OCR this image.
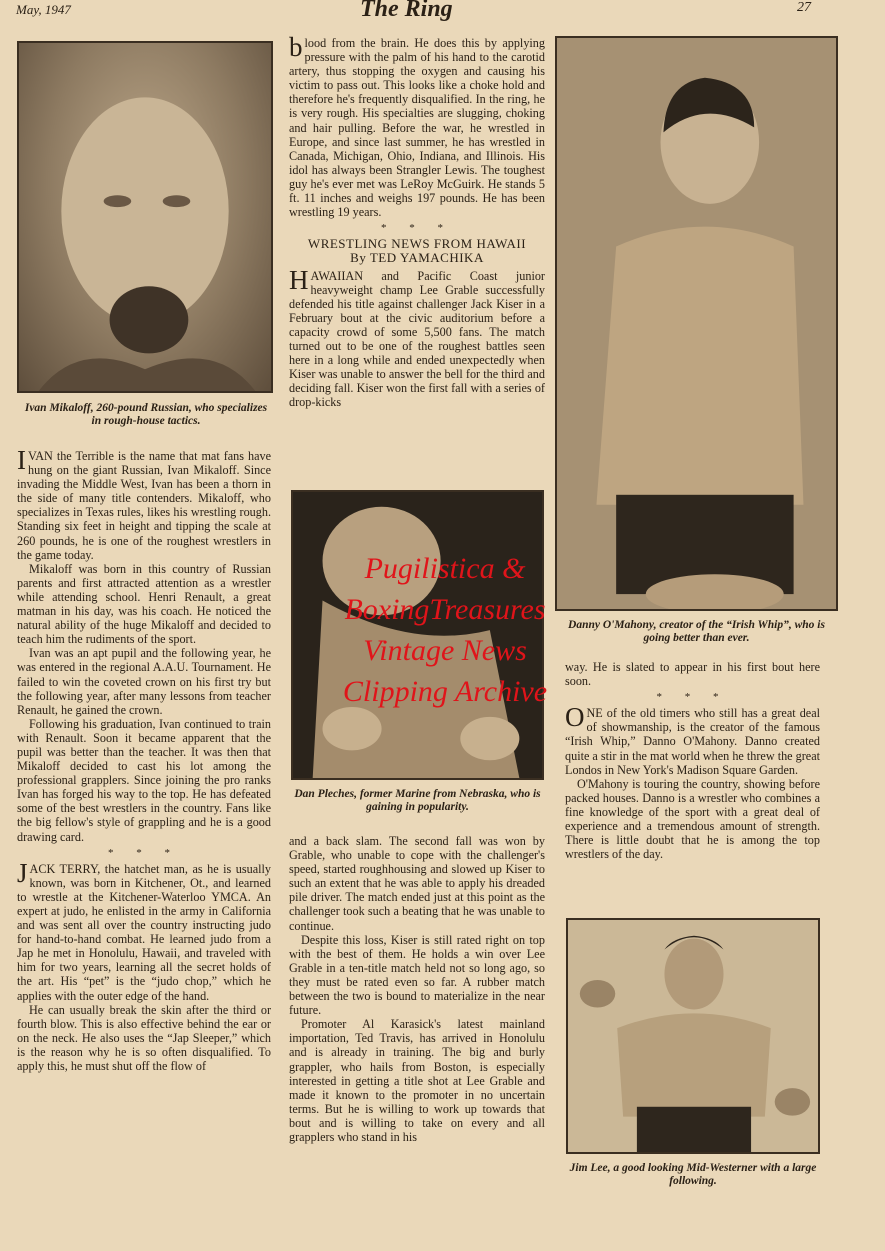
May, 1947	The Ring	27
Ivan Mikaloff, 260-pound Russian, who specializes in rough-house tactics.

IVAN the Terrible is the name that mat fans have hung on the giant Russian, Ivan Mikaloff. Since invading the Middle West, Ivan has been a thorn in the side of many title contenders. Mikaloff, who specializes in Texas rules, likes his wrestling rough. Standing six feet in height and tipping the scale at 260 pounds, he is one of the roughest wrestlers in the game today.

Mikaloff was born in this country of Russian parents and first attracted attention as a wrestler while attending school. Henri Renault, a great matman in his day, was his coach. He noticed the natural ability of the huge Mikaloff and decided to teach him the rudiments of the sport.

Ivan was an apt pupil and the following year, he was entered in the regional A.A.U. Tournament. He failed to win the coveted crown on his first try but the following year, after many lessons from teacher Renault, he gained the crown.

Following his graduation, Ivan continued to train with Renault. Soon it became apparent that the pupil was better than the teacher. It was then that Mikaloff decided to cast his lot among the professional grapplers. Since joining the pro ranks Ivan has forged his way to the top. He has defeated some of the best wrestlers in the country. Fans like the big fellow's style of grappling and he is a good drawing card.

* * *

JACK TERRY, the hatchet man, as he is usually known, was born in Kitchener, Ot., and learned to wrestle at the Kitchener-Waterloo YMCA. An expert at judo, he enlisted in the army in California and was sent all over the country instructing judo for hand-to-hand combat. He learned judo from a Jap he met in Honolulu, Hawaii, and traveled with him for two years, learning all the secret holds of the art. His “pet” is the “judo chop,” which he applies with the outer edge of the hand.

He can usually break the skin after the third or fourth blow. This is also effective behind the ear or on the neck. He also uses the “Jap Sleeper,” which is the reason why he is so often disqualified. To apply this, he must shut off the flow of

blood from the brain. He does this by applying pressure with the palm of his hand to the carotid artery, thus stopping the oxygen and causing his victim to pass out. This looks like a choke hold and therefore he's frequently disqualified. In the ring, he is very rough. His specialties are slugging, choking and hair pulling. Before the war, he wrestled in Europe, and since last summer, he has wrestled in Canada, Michigan, Ohio, Indiana, and Illinois. His idol has always been Strangler Lewis. The toughest guy he's ever met was LeRoy McGuirk. He stands 5 ft. 11 inches and weighs 197 pounds. He has been wrestling 19 years.

* * *
WRESTLING NEWS FROM HAWAII
By TED YAMACHIKA

HAWAIIAN and Pacific Coast junior heavyweight champ Lee Grable successfully defended his title against challenger Jack Kiser in a February bout at the civic auditorium before a capacity crowd of some 5,500 fans. The match turned out to be one of the roughest battles seen here in a long while and ended unexpectedly when Kiser was unable to answer the bell for the third and deciding fall. Kiser won the first fall with a series of drop-kicks

Dan Pleches, former Marine from Nebraska, who is gaining in popularity.

and a back slam. The second fall was won by Grable, who unable to cope with the challenger's speed, started roughhousing and slowed up Kiser to such an extent that he was able to apply his dreaded pile driver. The match ended just at this point as the challenger took such a beating that he was unable to continue.

Despite this loss, Kiser is still rated right on top with the best of them. He holds a win over Lee Grable in a ten-title match held not so long ago, so they must be rated even so far. A rubber match between the two is bound to materialize in the near future.

Promoter Al Karasick's latest mainland importation, Ted Travis, has arrived in Honolulu and is already in training. The big and burly grappler, who hails from Boston, is especially interested in getting a title shot at Lee Grable and made it known to the promoter in no uncertain terms. But he is willing to work up towards that bout and is willing to take on every and all grapplers who stand in his

Danny O'Mahony, creator of the “Irish Whip”, who is going better than ever.

way. He is slated to appear in his first bout here soon.

* * *

ONE of the old timers who still has a great deal of showmanship, is the creator of the famous “Irish Whip,” Danno O'Mahony. Danno created quite a stir in the mat world when he threw the great Londos in New York's Madison Square Garden.

O'Mahony is touring the country, showing before packed houses. Danno is a wrestler who combines a fine knowledge of the sport with a great deal of experience and a tremendous amount of strength. There is little doubt that he is among the top wrestlers of the day.

Jim Lee, a good looking Mid-Westerner with a large following.
Pugilistica &
BoxingTreasures
Vintage News
Clipping Archive
